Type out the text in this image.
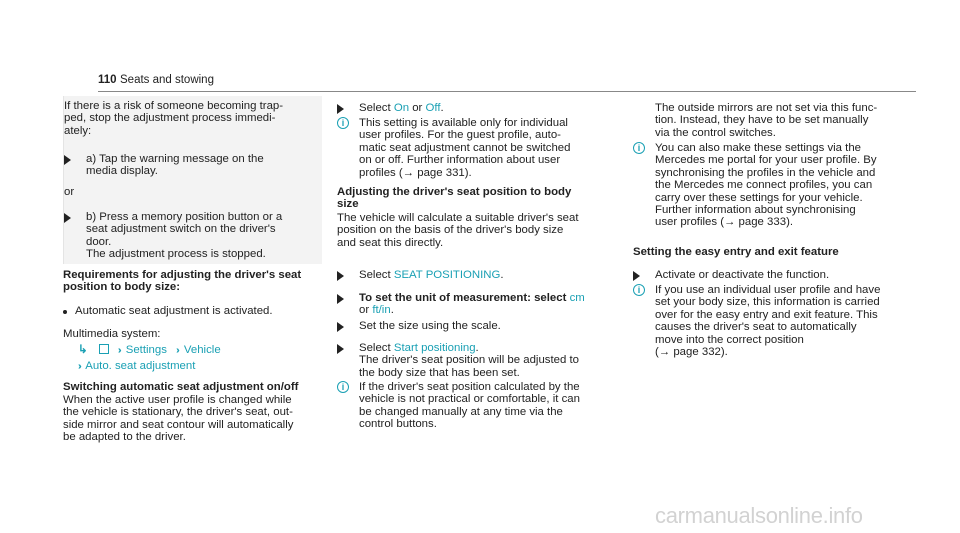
110 Seats and stowing
If there is a risk of someone becoming trap-
ped, stop the adjustment process immedi-
ately:
a) Tap the warning message on the
media display.
or
b) Press a memory position button or a
seat adjustment switch on the driver's
door.
The adjustment process is stopped.
Requirements for adjusting the driver's seat
position to body size:
Automatic seat adjustment is activated.
Multimedia system:
↳	›› Settings ›› Vehicle
›› Auto. seat adjustment
Switching automatic seat adjustment on/off
When the active user profile is changed while
the vehicle is stationary, the driver's seat, out-
side mirror and seat contour will automatically
be adapted to the driver.
Select On or Off.
i	This setting is available only for individual
user profiles. For the guest profile, auto-
matic seat adjustment cannot be switched
on or off. Further information about user
profiles (→ page 331).
Adjusting the driver's seat position to body
size
The vehicle will calculate a suitable driver's seat
position on the basis of the driver's body size
and seat this directly.
Select SEAT POSITIONING.
To set the unit of measurement: select cm
or ft/in.
Set the size using the scale.
Select Start positioning.
The driver's seat position will be adjusted to
the body size that has been set.
i	If the driver's seat position calculated by the
vehicle is not practical or comfortable, it can
be changed manually at any time via the
control buttons.
The outside mirrors are not set via this func-
tion. Instead, they have to be set manually
via the control switches.
i	You can also make these settings via the
Mercedes me portal for your user profile. By
synchronising the profiles in the vehicle and
the Mercedes me connect profiles, you can
carry over these settings for your vehicle.
Further information about synchronising
user profiles (→ page 333).
Setting the easy entry and exit feature
Activate or deactivate the function.
i	If you use an individual user profile and have
set your body size, this information is carried
over for the easy entry and exit feature. This
causes the driver's seat to automatically
move into the correct position
(→ page 332).
carmanualsonline.info
